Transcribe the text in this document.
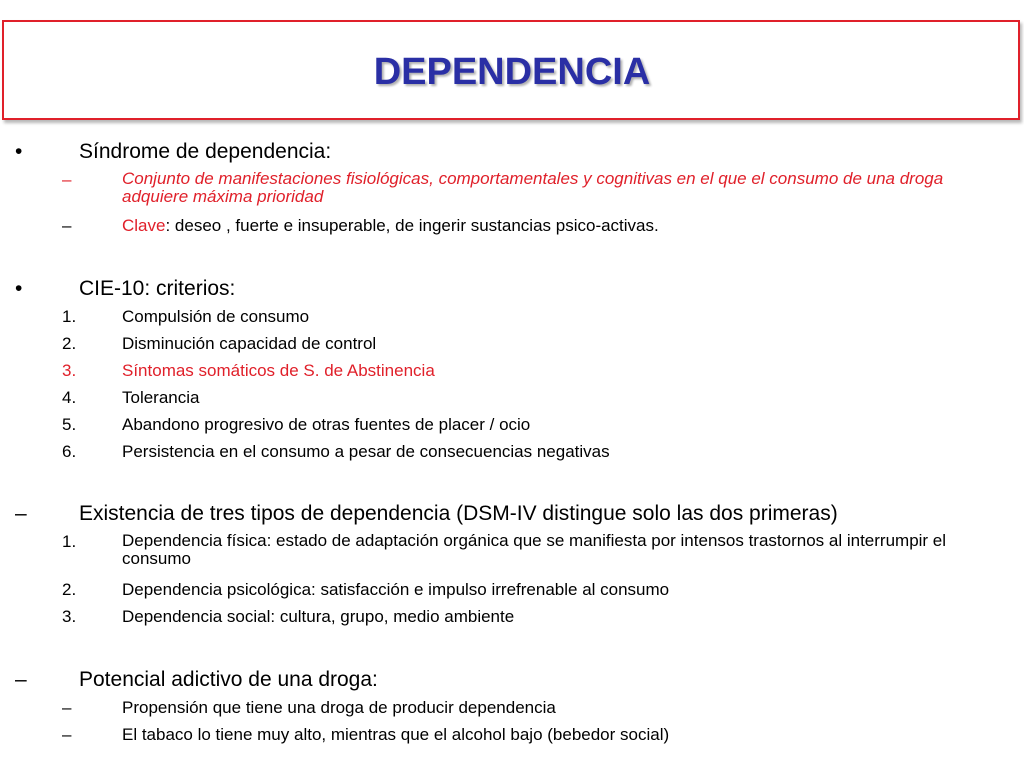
DEPENDENCIA
•	Síndrome de dependencia:
–	Conjunto de manifestaciones fisiológicas, comportamentales y cognitivas en el que el consumo de una droga adquiere máxima prioridad
–	Clave: deseo , fuerte e insuperable, de ingerir sustancias psico-activas.
•	CIE-10: criterios:
1.	Compulsión de consumo
2.	Disminución capacidad de control
3.	Síntomas somáticos de S. de Abstinencia
4.	Tolerancia
5.	Abandono progresivo de otras fuentes de placer / ocio
6.	Persistencia en el consumo a pesar de consecuencias negativas
– Existencia de tres tipos de dependencia (DSM-IV distingue solo las dos primeras)
1.	Dependencia física: estado de adaptación orgánica que se manifiesta por intensos trastornos al interrumpir el consumo
2.	Dependencia psicológica: satisfacción e impulso irrefrenable al consumo
3.	Dependencia social: cultura, grupo, medio ambiente
– Potencial adictivo de una droga:
–	Propensión que tiene una droga de producir dependencia
–	El tabaco lo tiene muy alto, mientras que el alcohol bajo (bebedor social)
